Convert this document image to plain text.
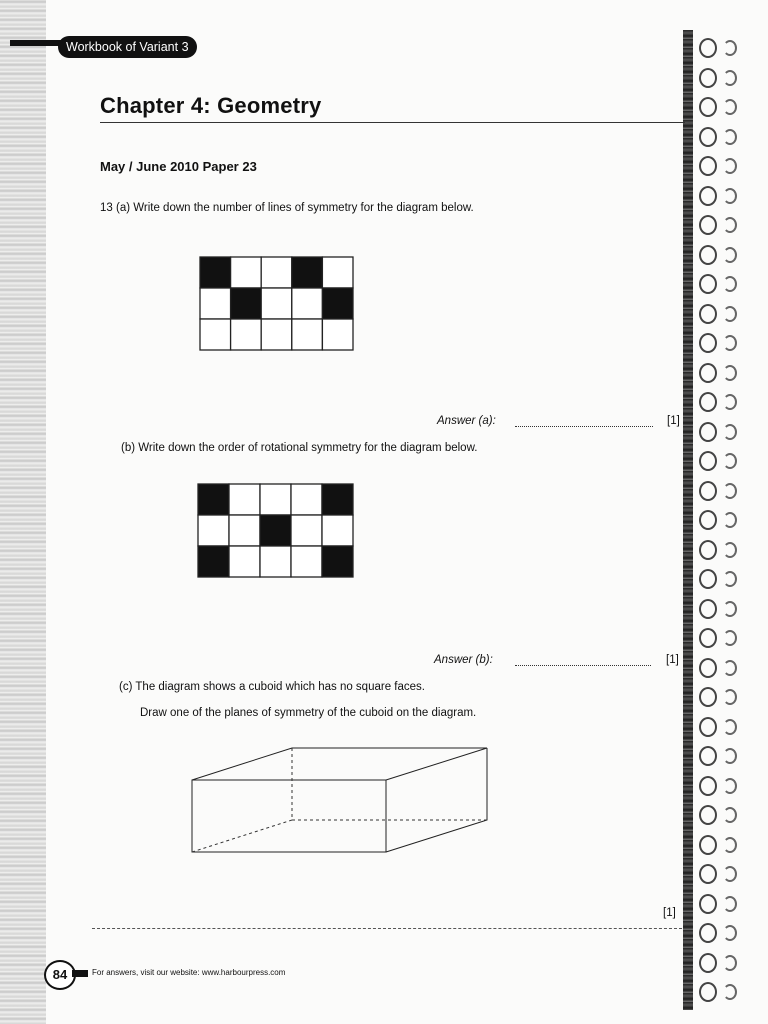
Workbook of Variant 3
Chapter 4: Geometry
May / June 2010 Paper 23
13 (a) Write down the number of lines of symmetry for the diagram below.
Answer (a):	[1]
(b) Write down the order of rotational symmetry for the diagram below.
Answer (b):	[1]
(c) The diagram shows a cuboid which has no square faces.
Draw one of the planes of symmetry of the cuboid on the diagram.
[1]
84	For answers, visit our website: www.harbourpress.com
